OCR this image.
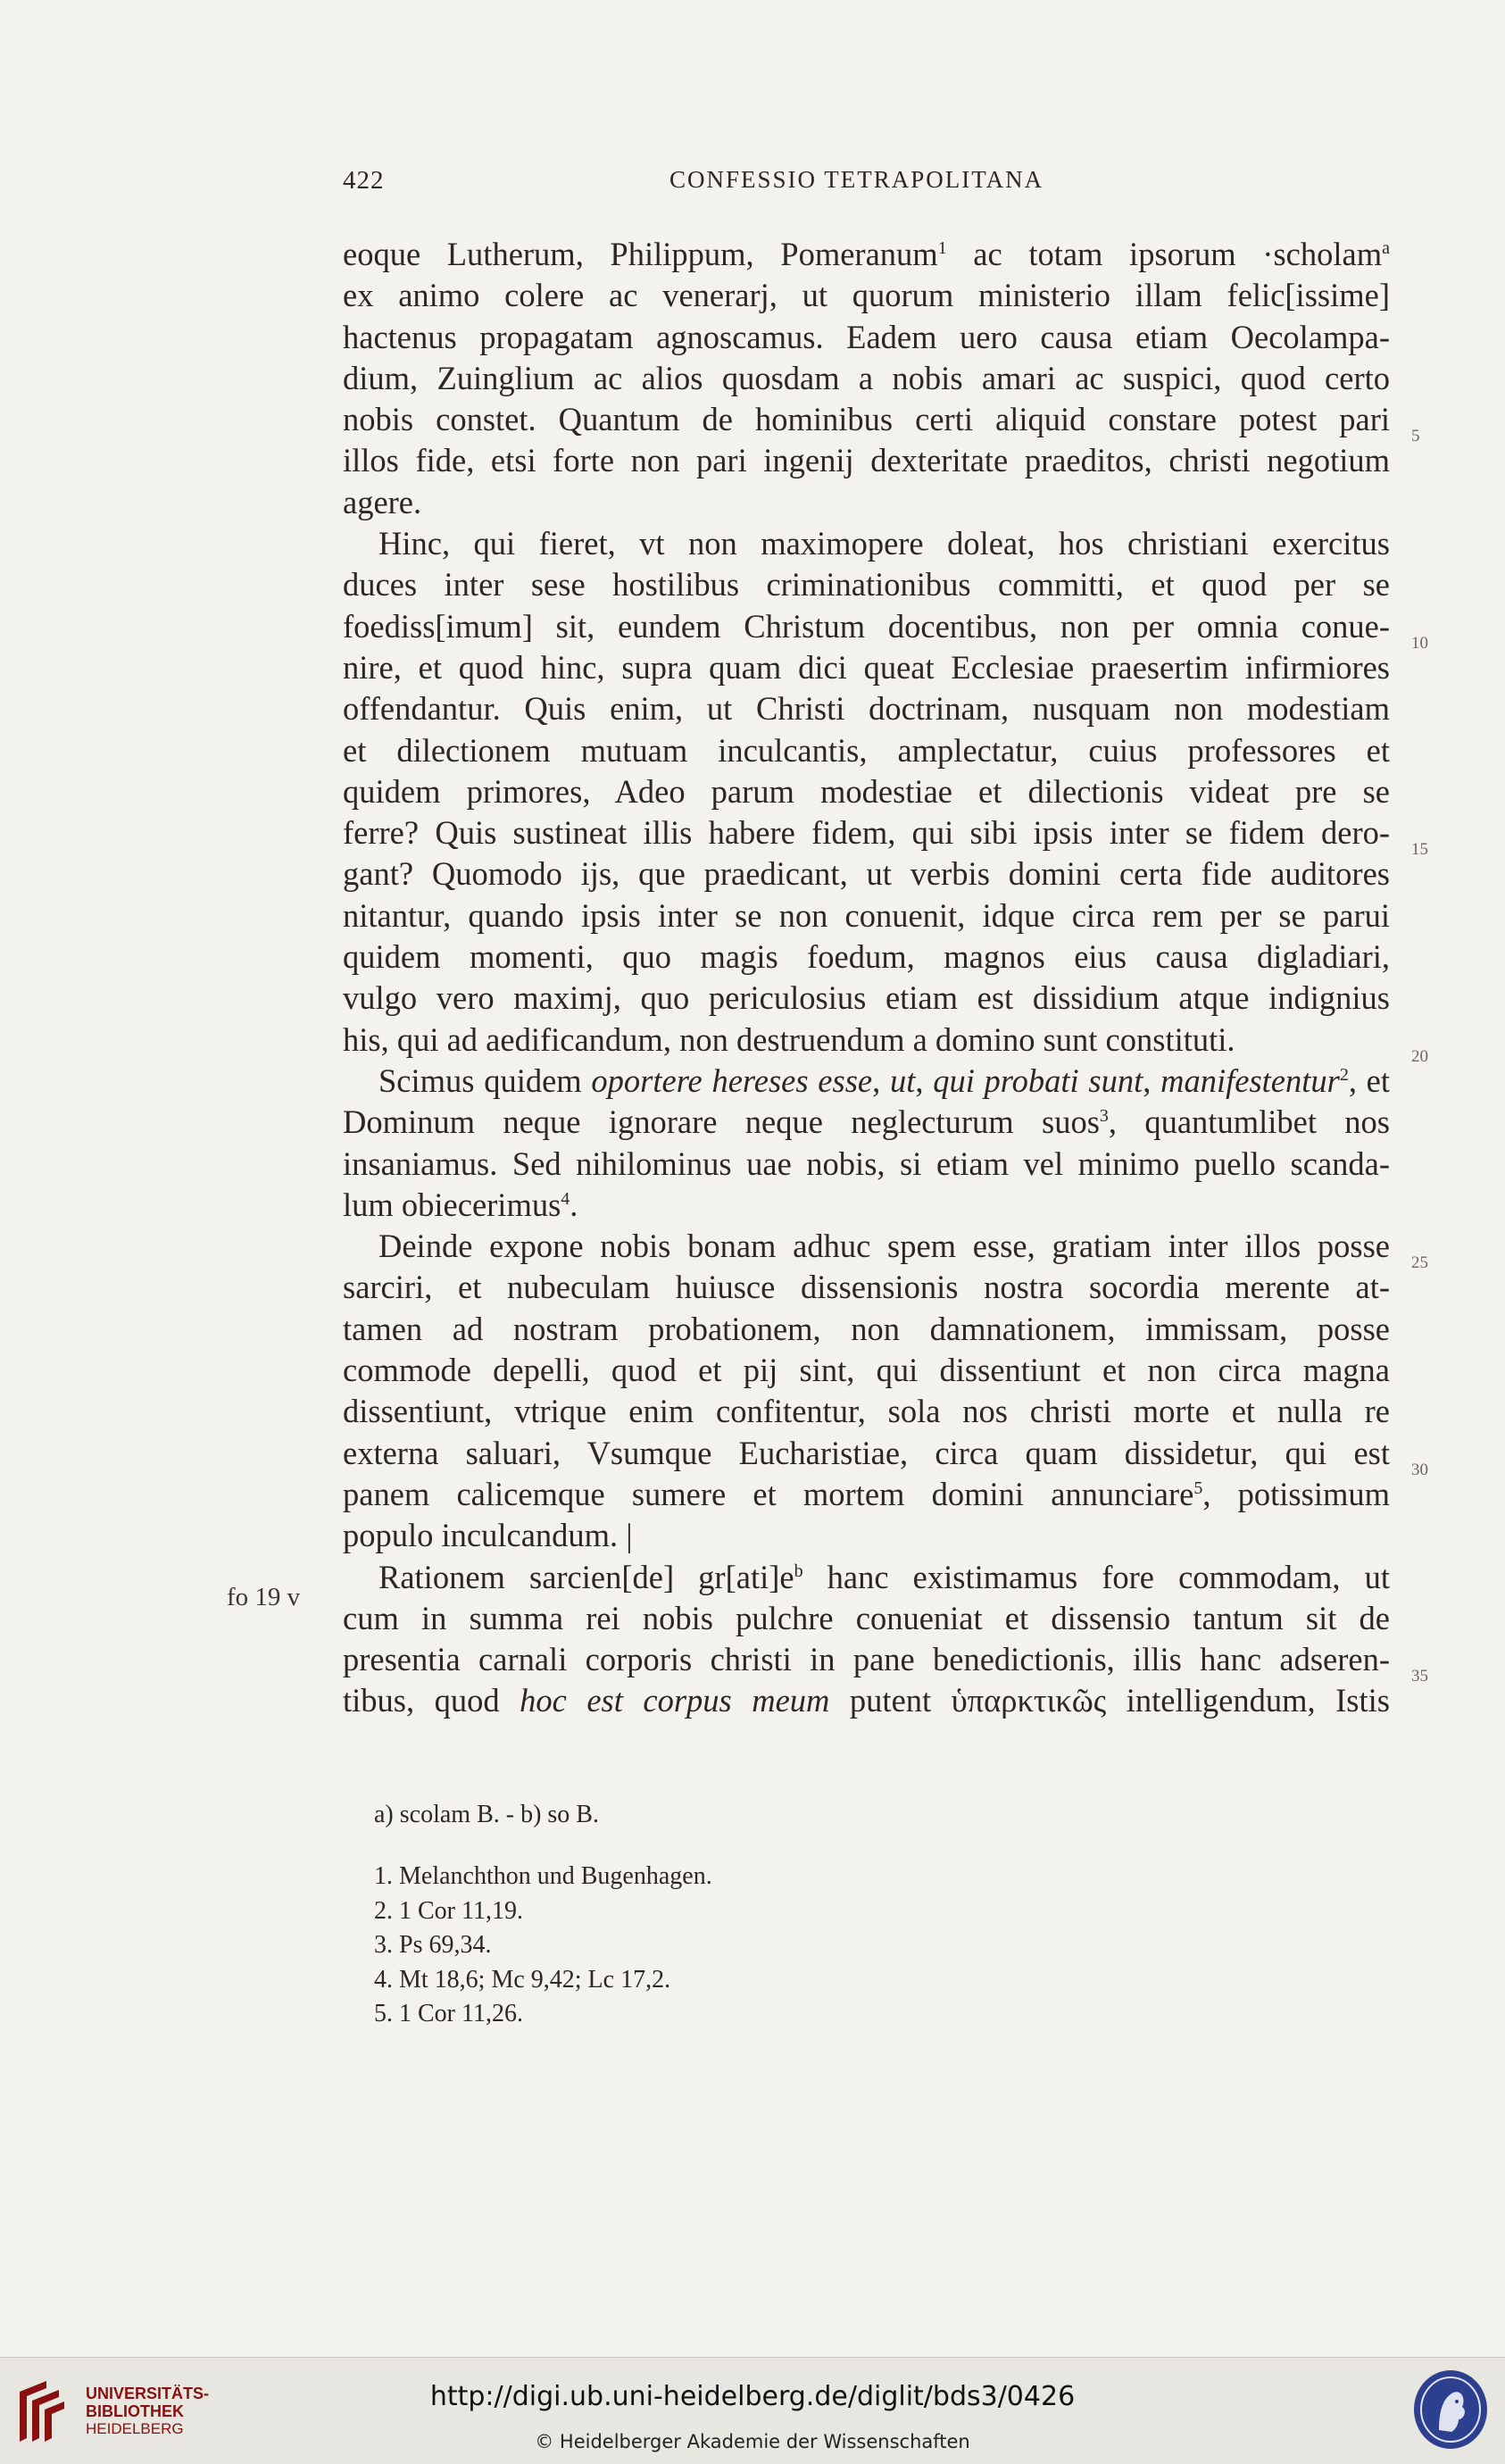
422	CONFESSIO TETRAPOLITANA
fo 19 v
eoque Lutherum, Philippum, Pomeranum$^1$ ac totam ipsorum ·scholam$^a$
ex animo colere ac venerarj, ut quorum ministerio illam felic[issime]
hactenus propagatam agnoscamus. Eadem uero causa etiam Oecolampa-
dium, Zuinglium ac alios quosdam a nobis amari ac suspici, quod certo
nobis constet. Quantum de hominibus certi aliquid constare potest pari
illos fide, etsi forte non pari ingenij dexteritate praeditos, christi negotium
agere.
Hinc, qui fieret, vt non maximopere doleat, hos christiani exercitus
duces inter sese hostilibus criminationibus committi, et quod per se
foediss[imum] sit, eundem Christum docentibus, non per omnia conue-
nire, et quod hinc, supra quam dici queat Ecclesiae praesertim infirmiores
offendantur. Quis enim, ut Christi doctrinam, nusquam non modestiam
et dilectionem mutuam inculcantis, amplectatur, cuius professores et
quidem primores, Adeo parum modestiae et dilectionis videat pre se
ferre? Quis sustineat illis habere fidem, qui sibi ipsis inter se fidem dero-
gant? Quomodo ijs, que praedicant, ut verbis domini certa fide auditores
nitantur, quando ipsis inter se non conuenit, idque circa rem per se parui
quidem momenti, quo magis foedum, magnos eius causa digladiari,
vulgo vero maximj, quo periculosius etiam est dissidium atque indignius
his, qui ad aedificandum, non destruendum a domino sunt constituti.
Scimus quidem oportere hereses esse, ut, qui probati sunt, manifestentur$^2$, et
Dominum neque ignorare neque neglecturum suos$^3$, quantumlibet nos
insaniamus. Sed nihilominus uae nobis, si etiam vel minimo puello scanda-
lum obiecerimus$^4$.
Deinde expone nobis bonam adhuc spem esse, gratiam inter illos posse
sarciri, et nubeculam huiusce dissensionis nostra socordia merente at-
tamen ad nostram probationem, non damnationem, immissam, posse
commode depelli, quod et pij sint, qui dissentiunt et non circa magna
dissentiunt, vtrique enim confitentur, sola nos christi morte et nulla re
externa saluari, Vsumque Eucharistiae, circa quam dissidetur, qui est
panem calicemque sumere et mortem domini annunciare$^5$, potissimum
populo inculcandum. |
Rationem sarcien[de] $gr[ati]e^b$ hanc existimamus fore commodam, ut
cum in summa rei nobis pulchre conueniat et dissensio tantum sit de
presentia carnali corporis christi in pane benedictionis, illis hanc adseren-
tibus, quod hoc est corpus meum putent ὑπαρκτικῶς intelligendum, Istis
5
10
15
20
25
30
35
a) scolam B. - b) so B.
1. Melanchthon und Bugenhagen.
2. 1 Cor 11,19.
3. Ps 69,34.
4. Mt 18,6; Mc 9,42; Lc 17,2.
5. 1 Cor 11,26.
UNIVERSITÄTS-
BIBLIOTHEK
HEIDELBERG
http://digi.ub.uni-heidelberg.de/diglit/bds3/0426
© Heidelberger Akademie der Wissenschaften
